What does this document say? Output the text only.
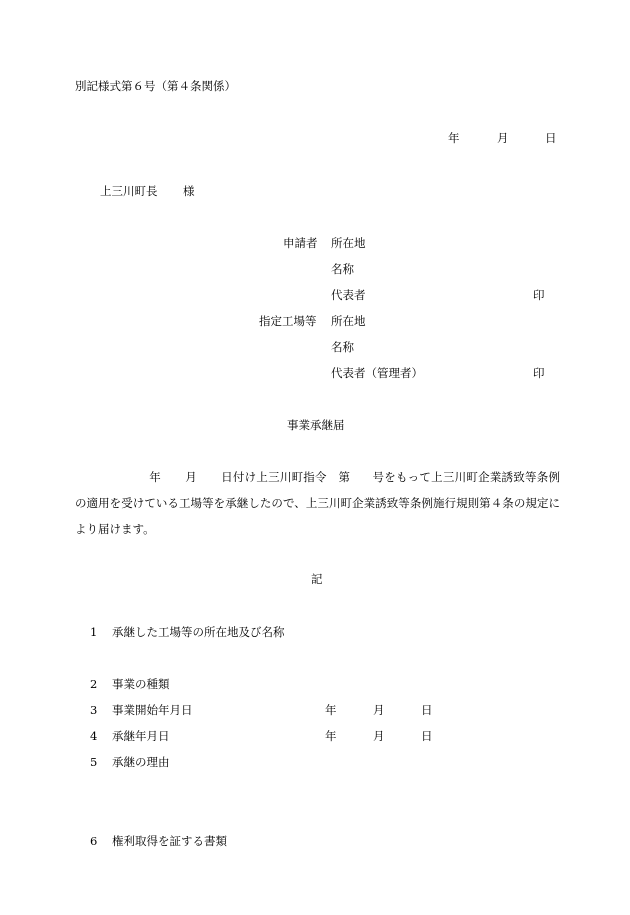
別記様式第６号（第４条関係）
年	月	日
上三川町長 様
申請者 所在地
名称
代表者	印
指定工場等 所在地
名称
代表者（管理者）	印
事業承継届
年 月 日付け上三川町指令　第 号をもって上三川町企業誘致等条例の適用を受けている工場等を承継したので、上三川町企業誘致等条例施行規則第４条の規定により届けます。
記
1 承継した工場等の所在地及び名称
2 事業の種類
3 事業開始年月日	年	月	日
4 承継年月日	年	月	日
5 承継の理由
6 権利取得を証する書類
